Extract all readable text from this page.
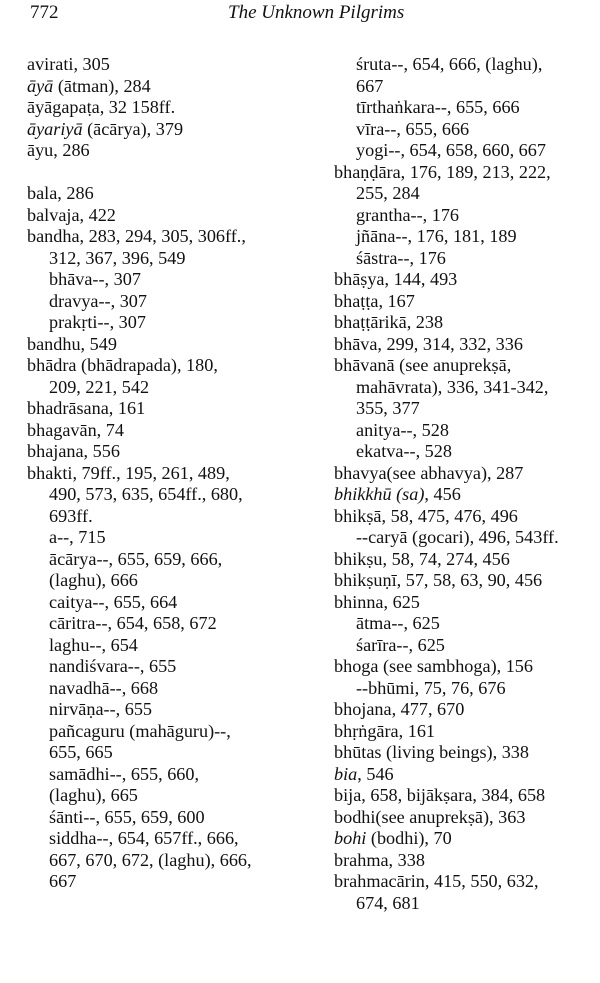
772	The Unknown Pilgrims
avirati, 305
āyā (ātman), 284
āyāgapaṭa, 32 158ff.
āyariyā (ācārya), 379
āyu, 286
bala, 286
balvaja, 422
bandha, 283, 294, 305, 306ff.,
312, 367, 396, 549
bhāva--, 307
dravya--, 307
prakṛti--, 307
bandhu, 549
bhādra (bhādrapada), 180,
209, 221, 542
bhadrāsana, 161
bhagavān, 74
bhajana, 556
bhakti, 79ff., 195, 261, 489,
490, 573, 635, 654ff., 680,
693ff.
a--, 715
ācārya--, 655, 659, 666,
(laghu), 666
caitya--, 655, 664
cāritra--, 654, 658, 672
laghu--, 654
nandiśvara--, 655
navadhā--, 668
nirvāṇa--, 655
pañcaguru (mahāguru)--,
655, 665
samādhi--, 655, 660,
(laghu), 665
śānti--, 655, 659, 600
siddha--, 654, 657ff., 666,
667, 670, 672, (laghu), 666,
667
śruta--, 654, 666, (laghu),
667
tīrthaṅkara--, 655, 666
vīra--, 655, 666
yogi--, 654, 658, 660, 667
bhaṇḍāra, 176, 189, 213, 222,
255, 284
grantha--, 176
jñāna--, 176, 181, 189
śāstra--, 176
bhāṣya, 144, 493
bhaṭṭa, 167
bhaṭṭārikā, 238
bhāva, 299, 314, 332, 336
bhāvanā (see anuprekṣā,
mahāvrata), 336, 341-342,
355, 377
anitya--, 528
ekatva--, 528
bhavya(see abhavya), 287
bhikkhū (sa), 456
bhikṣā, 58, 475, 476, 496
--caryā (gocari), 496, 543ff.
bhikṣu, 58, 74, 274, 456
bhikṣuṇī, 57, 58, 63, 90, 456
bhinna, 625
ātma--, 625
śarīra--, 625
bhoga (see sambhoga), 156
--bhūmi, 75, 76, 676
bhojana, 477, 670
bhṛṅgāra, 161
bhūtas (living beings), 338
bia, 546
bija, 658, bijākṣara, 384, 658
bodhi(see anuprekṣā), 363
bohi (bodhi), 70
brahma, 338
brahmacārin, 415, 550, 632,
674, 681
